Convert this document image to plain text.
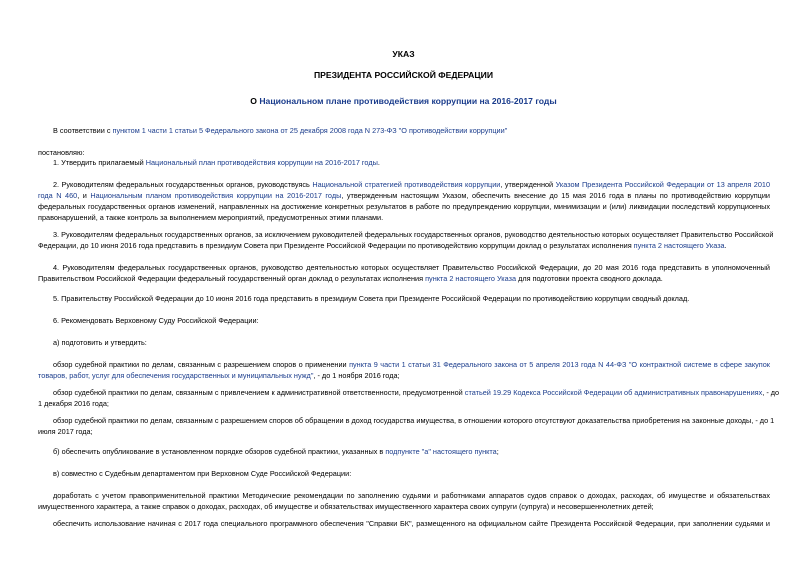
УКАЗ

ПРЕЗИДЕНТА РОССИЙСКОЙ ФЕДЕРАЦИИ

О Национальном плане противодействия коррупции на 2016-2017 годы

В соответствии с пунктом 1 части 1 статьи 5 Федерального закона от 25 декабря 2008 года N 273-ФЗ "О противодействии коррупции"

постановляю:

1. Утвердить прилагаемый Национальный план противодействия коррупции на 2016-2017 годы.

2. Руководителям федеральных государственных органов, руководствуясь Национальной стратегией противодействия коррупции, утвержденной Указом Президента Российской Федерации от 13 апреля 2010

года N 460, и Национальным планом противодействия коррупции на 2016-2017 годы, утвержденным настоящим Указом, обеспечить внесение до 15 мая 2016 года в планы по противодействию коррупции

федеральных государственных органов изменений, направленных на достижение конкретных результатов в работе по предупреждению коррупции, минимизации и (или) ликвидации последствий коррупционных

правонарушений, а также контроль за выполнением мероприятий, предусмотренных этими планами.

3. Руководителям федеральных государственных органов, за исключением руководителей федеральных государственных органов, руководство деятельностью которых осуществляет Правительство Российской

Федерации, до 10 июня 2016 года представить в президиум Совета при Президенте Российской Федерации по противодействию коррупции доклад о результатах исполнения пункта 2 настоящего Указа.

4. Руководителям федеральных государственных органов, руководство деятельностью которых осуществляет Правительство Российской Федерации, до 20 мая 2016 года представить в уполномоченный

Правительством Российской Федерации федеральный государственный орган доклад о результатах исполнения пункта 2 настоящего Указа для подготовки проекта сводного доклада.

5. Правительству Российской Федерации до 10 июня 2016 года представить в президиум Совета при Президенте Российской Федерации по противодействию коррупции сводный доклад.

6. Рекомендовать Верховному Суду Российской Федерации:

а) подготовить и утвердить:

обзор судебной практики по делам, связанным с разрешением споров о применении пункта 9 части 1 статьи 31 Федерального закона от 5 апреля 2013 года N 44-ФЗ "О контрактной системе в сфере закупок

товаров, работ, услуг для обеспечения государственных и муниципальных нужд", - до 1 ноября 2016 года;

обзор судебной практики по делам, связанным с привлечением к административной ответственности, предусмотренной статьей 19.29 Кодекса Российской Федерации об административных правонарушениях, - до

1 декабря 2016 года;

обзор судебной практики по делам, связанным с разрешением споров об обращении в доход государства имущества, в отношении которого отсутствуют доказательства приобретения на законные доходы, - до 1

июля 2017 года;

б) обеспечить опубликование в установленном порядке обзоров судебной практики, указанных в подпункте "а" настоящего пункта;

в) совместно с Судебным департаментом при Верховном Суде Российской Федерации:

доработать с учетом правоприменительной практики Методические рекомендации по заполнению судьями и работниками аппаратов судов справок о доходах, расходах, об имуществе и обязательствах

имущественного характера, а также справок о доходах, расходах, об имуществе и обязательствах имущественного характера своих супруги (супруга) и несовершеннолетних детей;

обеспечить использование начиная с 2017 года специального программного обеспечения "Справки БК", размещенного на официальном сайте Президента Российской Федерации, при заполнении судьями и
